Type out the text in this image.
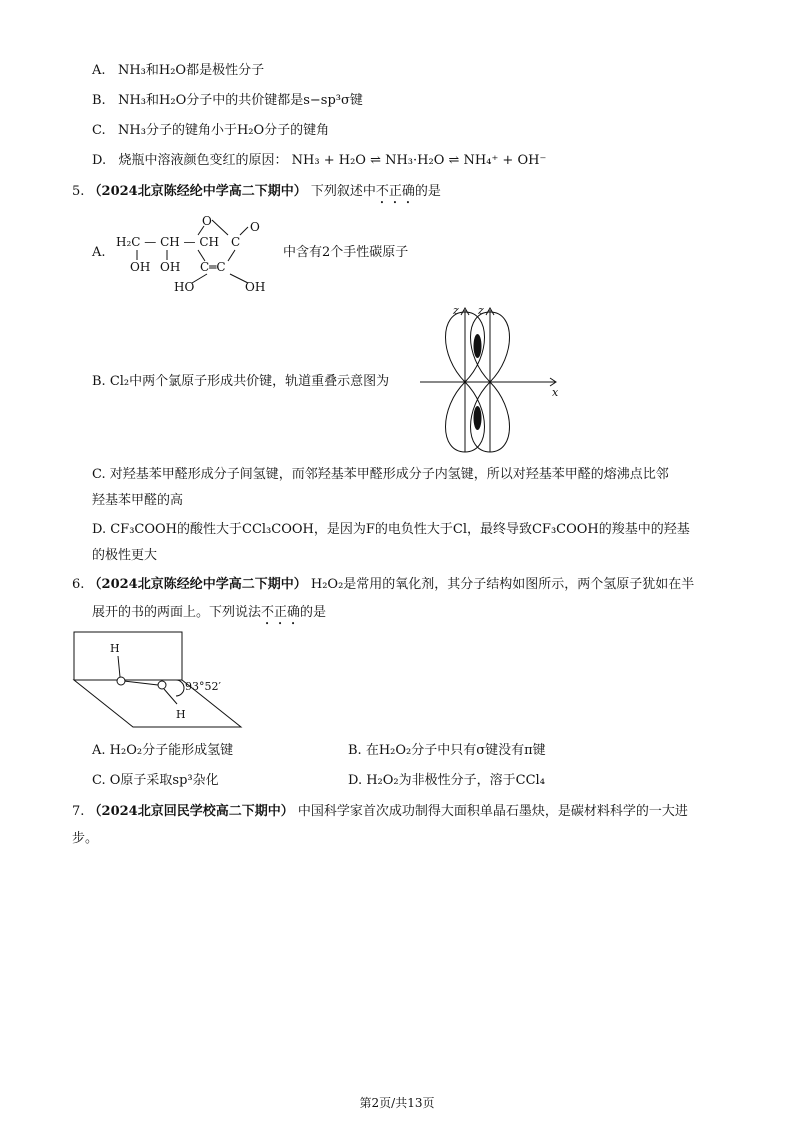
A. NH₃和H₂O都是极性分子
B. NH₃和H₂O分子中的共价键都是s−sp³σ键
C. NH₃分子的键角小于H₂O分子的键角
D. 烧瓶中溶液颜色变红的原因： NH₃ + H₂O ⇌ NH₃·H₂O ⇌ NH₄⁺ + OH⁻
5. （2024北京陈经纶中学高二下期中） 下列叙述中不正确的是
A.
O	O
H₂C — CH — CH C
OH OH C═C
HO	OH
中含有2个手性碳原子
B. Cl₂中两个氯原子形成共价键，轨道重叠示意图为
z z
x
C. 对羟基苯甲醛形成分子间氢键，而邻羟基苯甲醛形成分子内氢键，所以对羟基苯甲醛的熔沸点比邻
羟基苯甲醛的高
D. CF₃COOH的酸性大于CCl₃COOH，是因为F的电负性大于Cl，最终导致CF₃COOH的羧基中的羟基
的极性更大
6. （2024北京陈经纶中学高二下期中） H₂O₂是常用的氧化剂，其分子结构如图所示，两个氢原子犹如在半
展开的书的两面上。下列说法不正确的是
H
H
93°52′
A. H₂O₂分子能形成氢键	B. 在H₂O₂分子中只有σ键没有π键
C. O原子采取sp³杂化	D. H₂O₂为非极性分子，溶于CCl₄
7. （2024北京回民学校高二下期中） 中国科学家首次成功制得大面积单晶石墨炔，是碳材料科学的一大进
步。
第2页/共13页
